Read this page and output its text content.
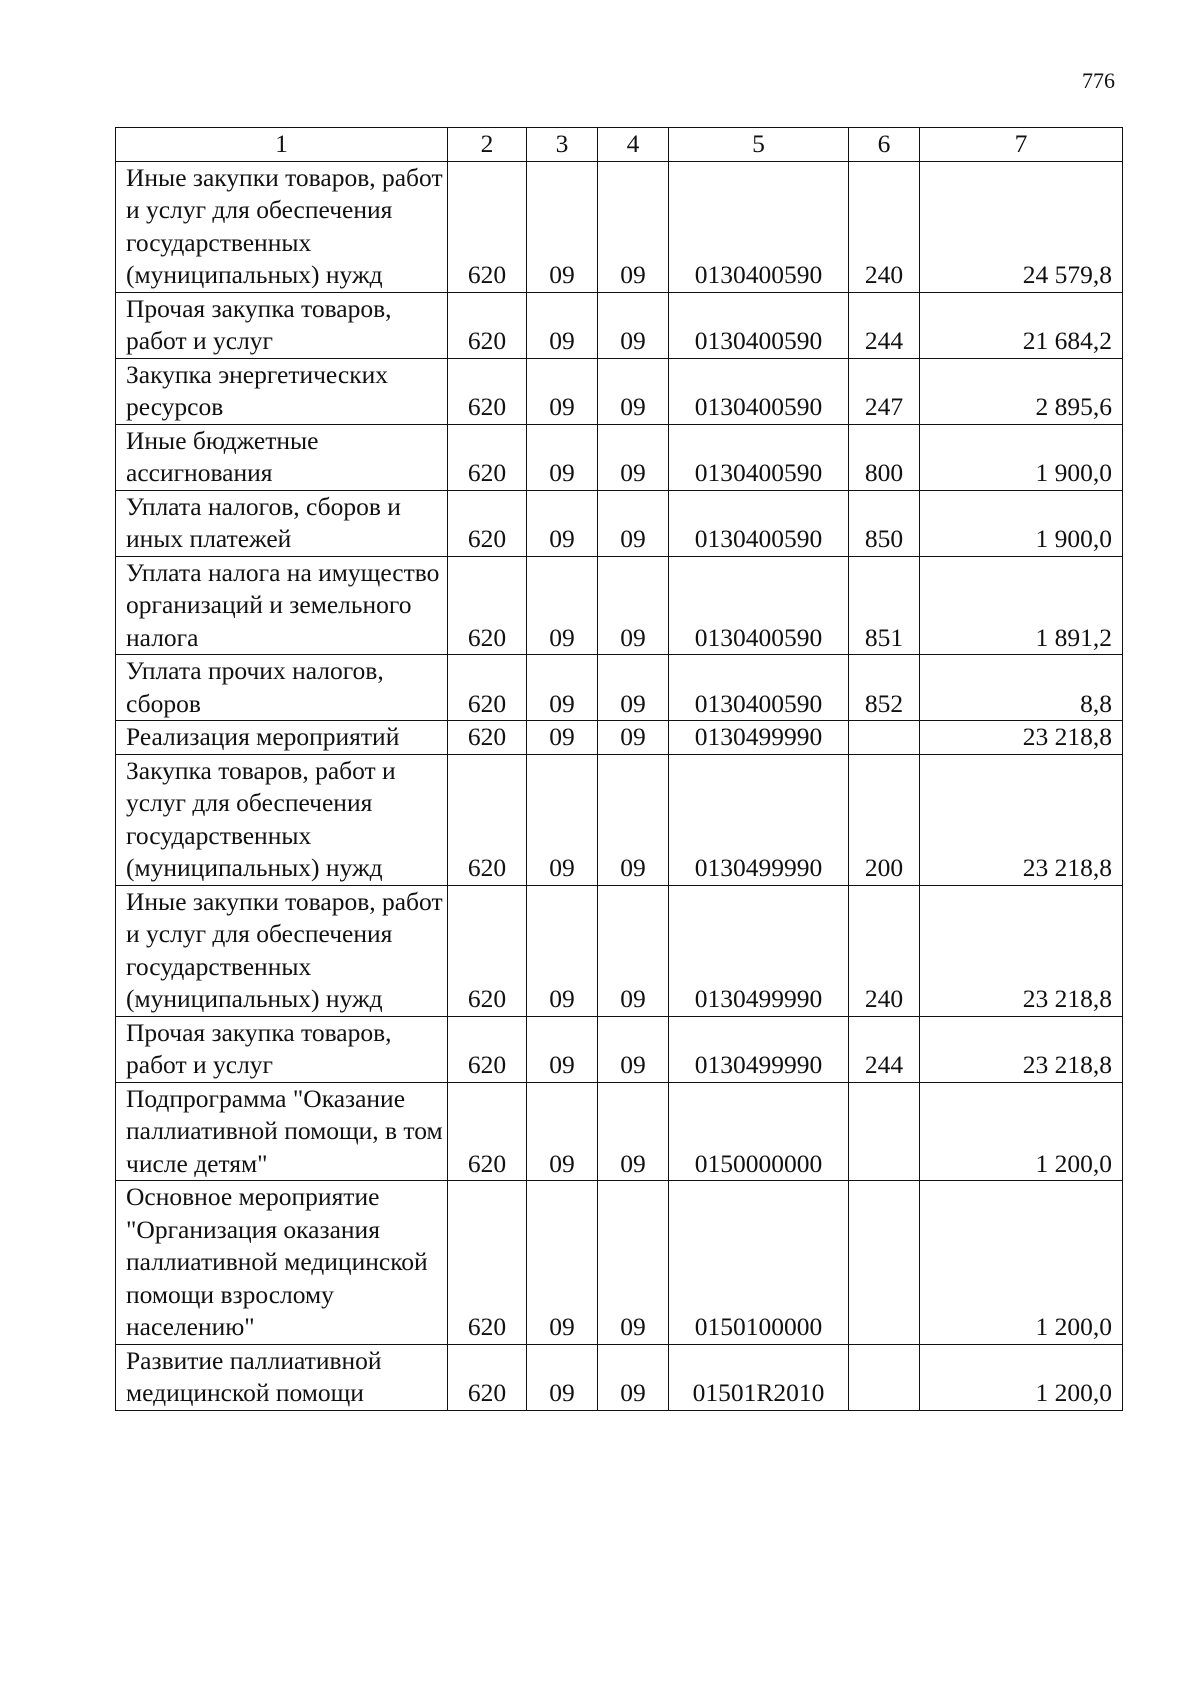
776
1	2	3	4	5	6	7
Иные закупки товаров, работ и услуг для обеспечения государственных (муниципальных) нужд	620	09	09	0130400590	240	24 579,8
Прочая закупка товаров, работ и услуг	620	09	09	0130400590	244	21 684,2
Закупка энергетических ресурсов	620	09	09	0130400590	247	2 895,6
Иные бюджетные ассигнования	620	09	09	0130400590	800	1 900,0
Уплата налогов, сборов и иных платежей	620	09	09	0130400590	850	1 900,0
Уплата налога на имущество организаций и земельного налога	620	09	09	0130400590	851	1 891,2
Уплата прочих налогов, сборов	620	09	09	0130400590	852	8,8
Реализация мероприятий	620	09	09	0130499990		23 218,8
Закупка товаров, работ и услуг для обеспечения государственных (муниципальных) нужд	620	09	09	0130499990	200	23 218,8
Иные закупки товаров, работ и услуг для обеспечения государственных (муниципальных) нужд	620	09	09	0130499990	240	23 218,8
Прочая закупка товаров, работ и услуг	620	09	09	0130499990	244	23 218,8
Подпрограмма "Оказание паллиативной помощи, в том числе детям"	620	09	09	0150000000		1 200,0
Основное мероприятие "Организация оказания паллиативной медицинской помощи взрослому населению"	620	09	09	0150100000		1 200,0
Развитие паллиативной медицинской помощи	620	09	09	01501R2010		1 200,0
